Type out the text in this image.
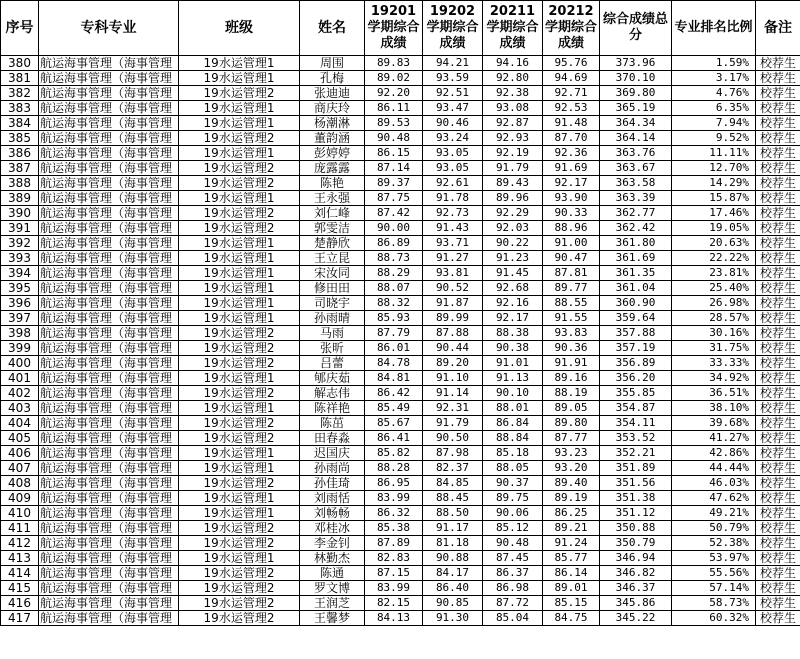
序号	专科专业	班级	姓名	19201学期综合成绩	19202学期综合成绩	20211学期综合成绩	20212学期综合成绩	综合成绩总分	专业排名比例	备注
380	航运海事管理（海事管理	19水运管理1	周围	89.83	94.21	94.16	95.76	373.96	1.59%	校荐生
381	航运海事管理（海事管理	19水运管理1	孔梅	89.02	93.59	92.80	94.69	370.10	3.17%	校荐生
382	航运海事管理（海事管理	19水运管理2	张迪迪	92.20	92.51	92.38	92.71	369.80	4.76%	校荐生
383	航运海事管理（海事管理	19水运管理1	商庆玲	86.11	93.47	93.08	92.53	365.19	6.35%	校荐生
384	航运海事管理（海事管理	19水运管理1	杨潮淋	89.53	90.46	92.87	91.48	364.34	7.94%	校荐生
385	航运海事管理（海事管理	19水运管理2	董韵涵	90.48	93.24	92.93	87.70	364.14	9.52%	校荐生
386	航运海事管理（海事管理	19水运管理1	彭婷婷	86.15	93.05	92.19	92.36	363.76	11.11%	校荐生
387	航运海事管理（海事管理	19水运管理2	庞露露	87.14	93.05	91.79	91.69	363.67	12.70%	校荐生
388	航运海事管理（海事管理	19水运管理2	陈艳	89.37	92.61	89.43	92.17	363.58	14.29%	校荐生
389	航运海事管理（海事管理	19水运管理1	王永强	87.75	91.78	89.96	93.90	363.39	15.87%	校荐生
390	航运海事管理（海事管理	19水运管理2	刘仁峰	87.42	92.73	92.29	90.33	362.77	17.46%	校荐生
391	航运海事管理（海事管理	19水运管理2	郭雯洁	90.00	91.43	92.03	88.96	362.42	19.05%	校荐生
392	航运海事管理（海事管理	19水运管理1	楚静欣	86.89	93.71	90.22	91.00	361.80	20.63%	校荐生
393	航运海事管理（海事管理	19水运管理1	王立昆	88.73	91.27	91.23	90.47	361.69	22.22%	校荐生
394	航运海事管理（海事管理	19水运管理1	宋汝同	88.29	93.81	91.45	87.81	361.35	23.81%	校荐生
395	航运海事管理（海事管理	19水运管理1	修田田	88.07	90.52	92.68	89.77	361.04	25.40%	校荐生
396	航运海事管理（海事管理	19水运管理1	司晓宇	88.32	91.87	92.16	88.55	360.90	26.98%	校荐生
397	航运海事管理（海事管理	19水运管理1	孙雨晴	85.93	89.99	92.17	91.55	359.64	28.57%	校荐生
398	航运海事管理（海事管理	19水运管理2	马雨	87.79	87.88	88.38	93.83	357.88	30.16%	校荐生
399	航运海事管理（海事管理	19水运管理2	张昕	86.01	90.44	90.38	90.36	357.19	31.75%	校荐生
400	航运海事管理（海事管理	19水运管理2	吕蕾	84.78	89.20	91.01	91.91	356.89	33.33%	校荐生
401	航运海事管理（海事管理	19水运管理1	郇庆茹	84.81	91.10	91.13	89.16	356.20	34.92%	校荐生
402	航运海事管理（海事管理	19水运管理2	解志伟	86.42	91.14	90.10	88.19	355.85	36.51%	校荐生
403	航运海事管理（海事管理	19水运管理1	陈祥艳	85.49	92.31	88.01	89.05	354.87	38.10%	校荐生
404	航运海事管理（海事管理	19水运管理2	陈茁	85.67	91.79	86.84	89.80	354.11	39.68%	校荐生
405	航运海事管理（海事管理	19水运管理2	田春淼	86.41	90.50	88.84	87.77	353.52	41.27%	校荐生
406	航运海事管理（海事管理	19水运管理1	迟国庆	85.82	87.98	85.18	93.23	352.21	42.86%	校荐生
407	航运海事管理（海事管理	19水运管理1	孙雨尚	88.28	82.37	88.05	93.20	351.89	44.44%	校荐生
408	航运海事管理（海事管理	19水运管理2	孙佳琦	86.95	84.85	90.37	89.40	351.56	46.03%	校荐生
409	航运海事管理（海事管理	19水运管理1	刘雨恬	83.99	88.45	89.75	89.19	351.38	47.62%	校荐生
410	航运海事管理（海事管理	19水运管理1	刘畅畅	86.32	88.50	90.06	86.25	351.12	49.21%	校荐生
411	航运海事管理（海事管理	19水运管理2	邓桂冰	85.38	91.17	85.12	89.21	350.88	50.79%	校荐生
412	航运海事管理（海事管理	19水运管理2	李金钊	87.89	81.18	90.48	91.24	350.79	52.38%	校荐生
413	航运海事管理（海事管理	19水运管理1	林勤杰	82.83	90.88	87.45	85.77	346.94	53.97%	校荐生
414	航运海事管理（海事管理	19水运管理2	陈通	87.15	84.17	86.37	86.14	346.82	55.56%	校荐生
415	航运海事管理（海事管理	19水运管理2	罗文博	83.99	86.40	86.98	89.01	346.37	57.14%	校荐生
416	航运海事管理（海事管理	19水运管理2	王润芝	82.15	90.85	87.72	85.15	345.86	58.73%	校荐生
417	航运海事管理（海事管理	19水运管理2	王馨梦	84.13	91.30	85.04	84.75	345.22	60.32%	校荐生
